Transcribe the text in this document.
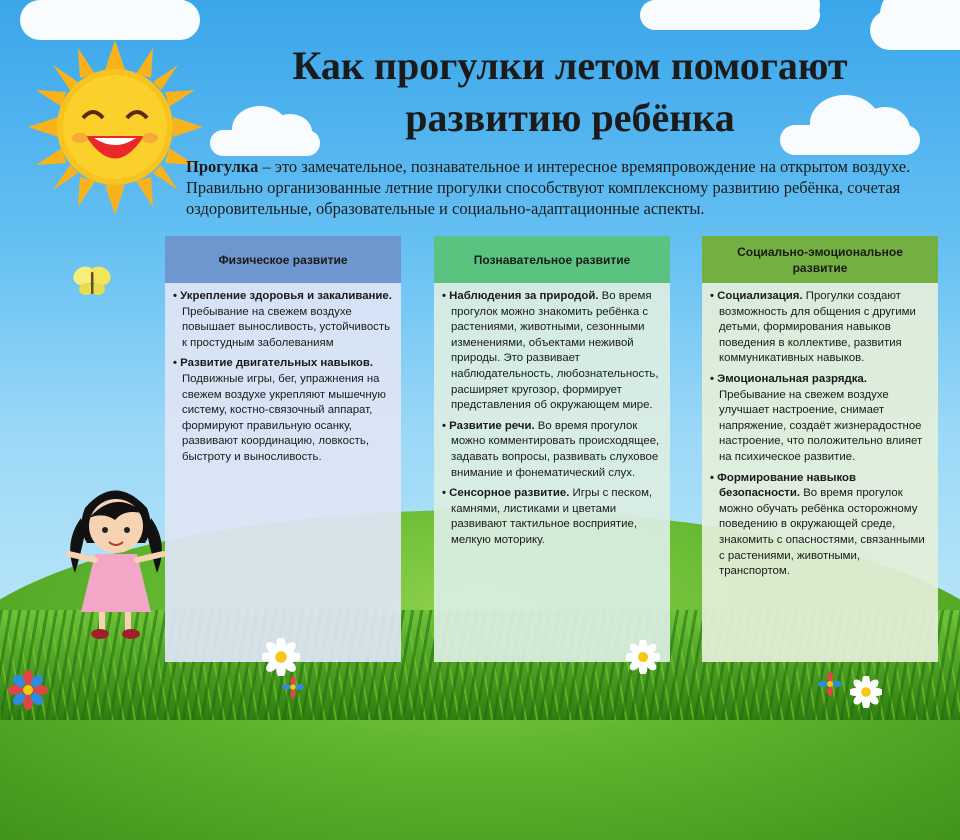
Как прогулки летом помогают
развитию ребёнка

Прогулка – это замечательное, познавательное и интересное времяпровождение на открытом воздухе. Правильно организованные летние прогулки способствуют комплексному развитию ребёнка, сочетая оздоровительные, образовательные и социально-адаптационные аспекты.

Физическое развитие
• Укрепление здоровья и закаливание. Пребывание на свежем воздухе повышает выносливость, устойчивость к простудным заболеваниям
• Развитие двигательных навыков. Подвижные игры, бег, упражнения на свежем воздухе укрепляют мышечную систему, костно-связочный аппарат, формируют правильную осанку, развивают координацию, ловкость, быстроту и выносливость.
Познавательное развитие
• Наблюдения за природой. Во время прогулок можно знакомить ребёнка с растениями, животными, сезонными изменениями, объектами неживой природы. Это развивает наблюдательность, любознательность, расширяет кругозор, формирует представления об окружающем мире.
• Развитие речи. Во время прогулок можно комментировать происходящее, задавать вопросы, развивать слуховое внимание и фонематический слух.
• Сенсорное развитие. Игры с песком, камнями, листиками и цветами развивают тактильное восприятие, мелкую моторику.
Социально-эмоциональное развитие
• Социализация. Прогулки создают возможность для общения с другими детьми, формирования навыков поведения в коллективе, развития коммуникативных навыков.
• Эмоциональная разрядка. Пребывание на свежем воздухе улучшает настроение, снимает напряжение, создаёт жизнерадостное настроение, что положительно влияет на психическое развитие.
• Формирование навыков безопасности. Во время прогулок можно обучать ребёнка осторожному поведению в окружающей среде, знакомить с опасностями, связанными с растениями, животными, транспортом.
